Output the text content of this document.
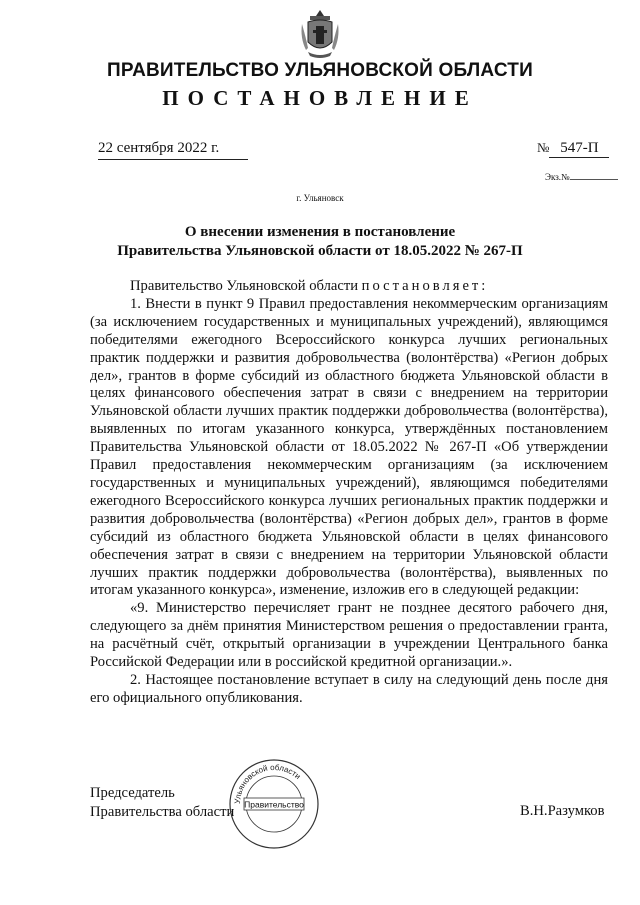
ПРАВИТЕЛЬСТВО УЛЬЯНОВСКОЙ ОБЛАСТИ
ПОСТАНОВЛЕНИЕ
22 сентября 2022 г.	№ 547-П
Экз.№
г. Ульяновск
О внесении изменения в постановление
Правительства Ульяновской области от 18.05.2022 № 267-П

Правительство Ульяновской области постановляет:

1. Внести в пункт 9 Правил предоставления некоммерческим организациям (за исключением государственных и муниципальных учреждений), являющимся победителями ежегодного Всероссийского конкурса лучших региональных практик поддержки и развития добровольчества (волонтёрства) «Регион добрых дел», грантов в форме субсидий из областного бюджета Ульяновской области в целях финансового обеспечения затрат в связи с внедрением на территории Ульяновской области лучших практик поддержки добровольчества (волонтёрства), выявленных по итогам указанного конкурса, утверждённых постановлением Правительства Ульяновской области от 18.05.2022 № 267-П «Об утверждении Правил предоставления некоммерческим организациям (за исключением государственных и муниципальных учреждений), являющимся победителями ежегодного Всероссийского конкурса лучших региональных практик поддержки и развития добровольчества (волонтёрства) «Регион добрых дел», грантов в форме субсидий из областного бюджета Ульяновской области в целях финансового обеспечения затрат в связи с внедрением на территории Ульяновской области лучших практик поддержки добровольчества (волонтёрства), выявленных по итогам указанного конкурса», изменение, изложив его в следующей редакции:

«9. Министерство перечисляет грант не позднее десятого рабочего дня, следующего за днём принятия Министерством решения о предоставлении гранта, на расчётный счёт, открытый организации в учреждении Центрального банка Российской Федерации или в российской кредитной организации.».

2. Настоящее постановление вступает в силу на следующий день после дня его официального опубликования.

Председатель
Правительства области
Ульяновской области
Правительство	В.Н.Разумков
